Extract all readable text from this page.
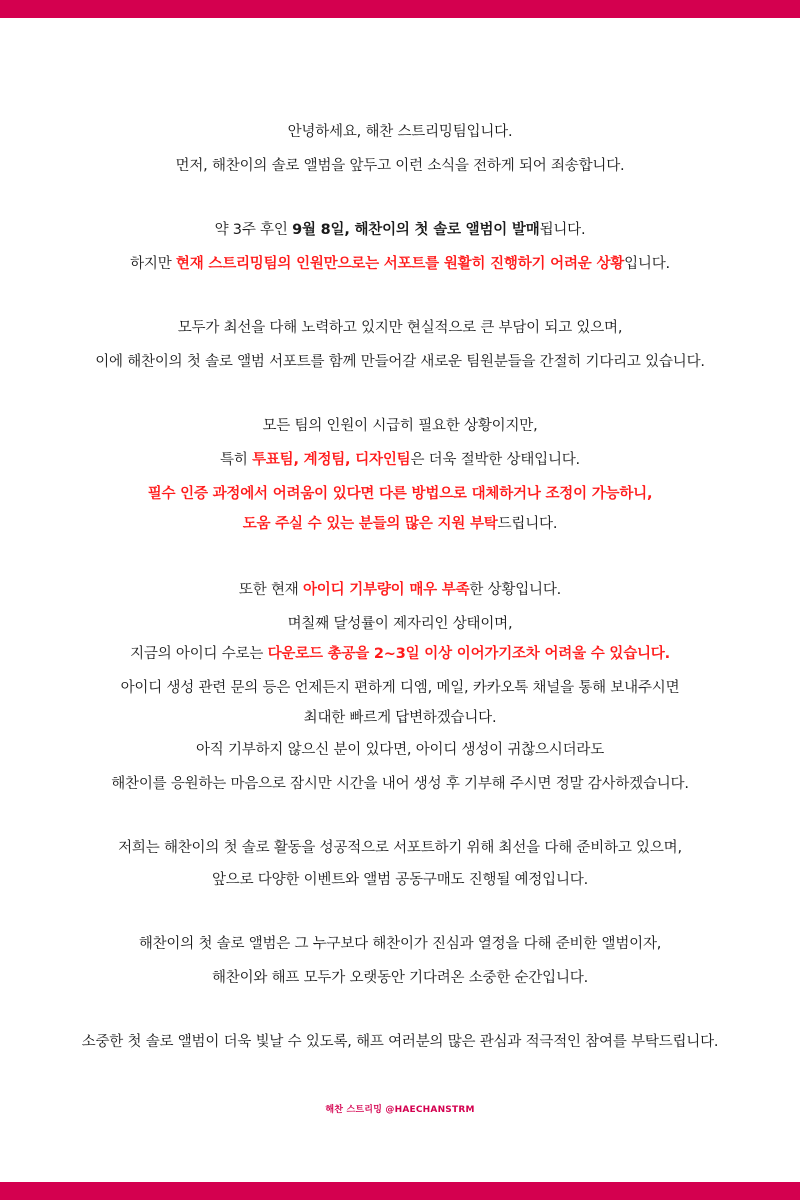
안녕하세요, 해찬 스트리밍팀입니다.
먼저, 해찬이의 솔로 앨범을 앞두고 이런 소식을 전하게 되어 죄송합니다.
약 3주 후인 9월 8일, 해찬이의 첫 솔로 앨범이 발매됩니다.
하지만 현재 스트리밍팀의 인원만으로는 서포트를 원활히 진행하기 어려운 상황입니다.
모두가 최선을 다해 노력하고 있지만 현실적으로 큰 부담이 되고 있으며,
이에 해찬이의 첫 솔로 앨범 서포트를 함께 만들어갈 새로운 팀원분들을 간절히 기다리고 있습니다.
모든 팀의 인원이 시급히 필요한 상황이지만,
특히 투표팀, 계정팀, 디자인팀은 더욱 절박한 상태입니다.
필수 인증 과정에서 어려움이 있다면 다른 방법으로 대체하거나 조정이 가능하니,
도움 주실 수 있는 분들의 많은 지원 부탁드립니다.
또한 현재 아이디 기부량이 매우 부족한 상황입니다.
며칠째 달성률이 제자리인 상태이며,
지금의 아이디 수로는 다운로드 총공을 2~3일 이상 이어가기조차 어려울 수 있습니다.
아이디 생성 관련 문의 등은 언제든지 편하게 디엠, 메일, 카카오톡 채널을 통해 보내주시면
최대한 빠르게 답변하겠습니다.
아직 기부하지 않으신 분이 있다면, 아이디 생성이 귀찮으시더라도
해찬이를 응원하는 마음으로 잠시만 시간을 내어 생성 후 기부해 주시면 정말 감사하겠습니다.
저희는 해찬이의 첫 솔로 활동을 성공적으로 서포트하기 위해 최선을 다해 준비하고 있으며,
앞으로 다양한 이벤트와 앨범 공동구매도 진행될 예정입니다.
해찬이의 첫 솔로 앨범은 그 누구보다 해찬이가 진심과 열정을 다해 준비한 앨범이자,
해찬이와 해프 모두가 오랫동안 기다려온 소중한 순간입니다.
소중한 첫 솔로 앨범이 더욱 빛날 수 있도록, 해프 여러분의 많은 관심과 적극적인 참여를 부탁드립니다.
해찬 스트리밍 @HAECHANSTRM
